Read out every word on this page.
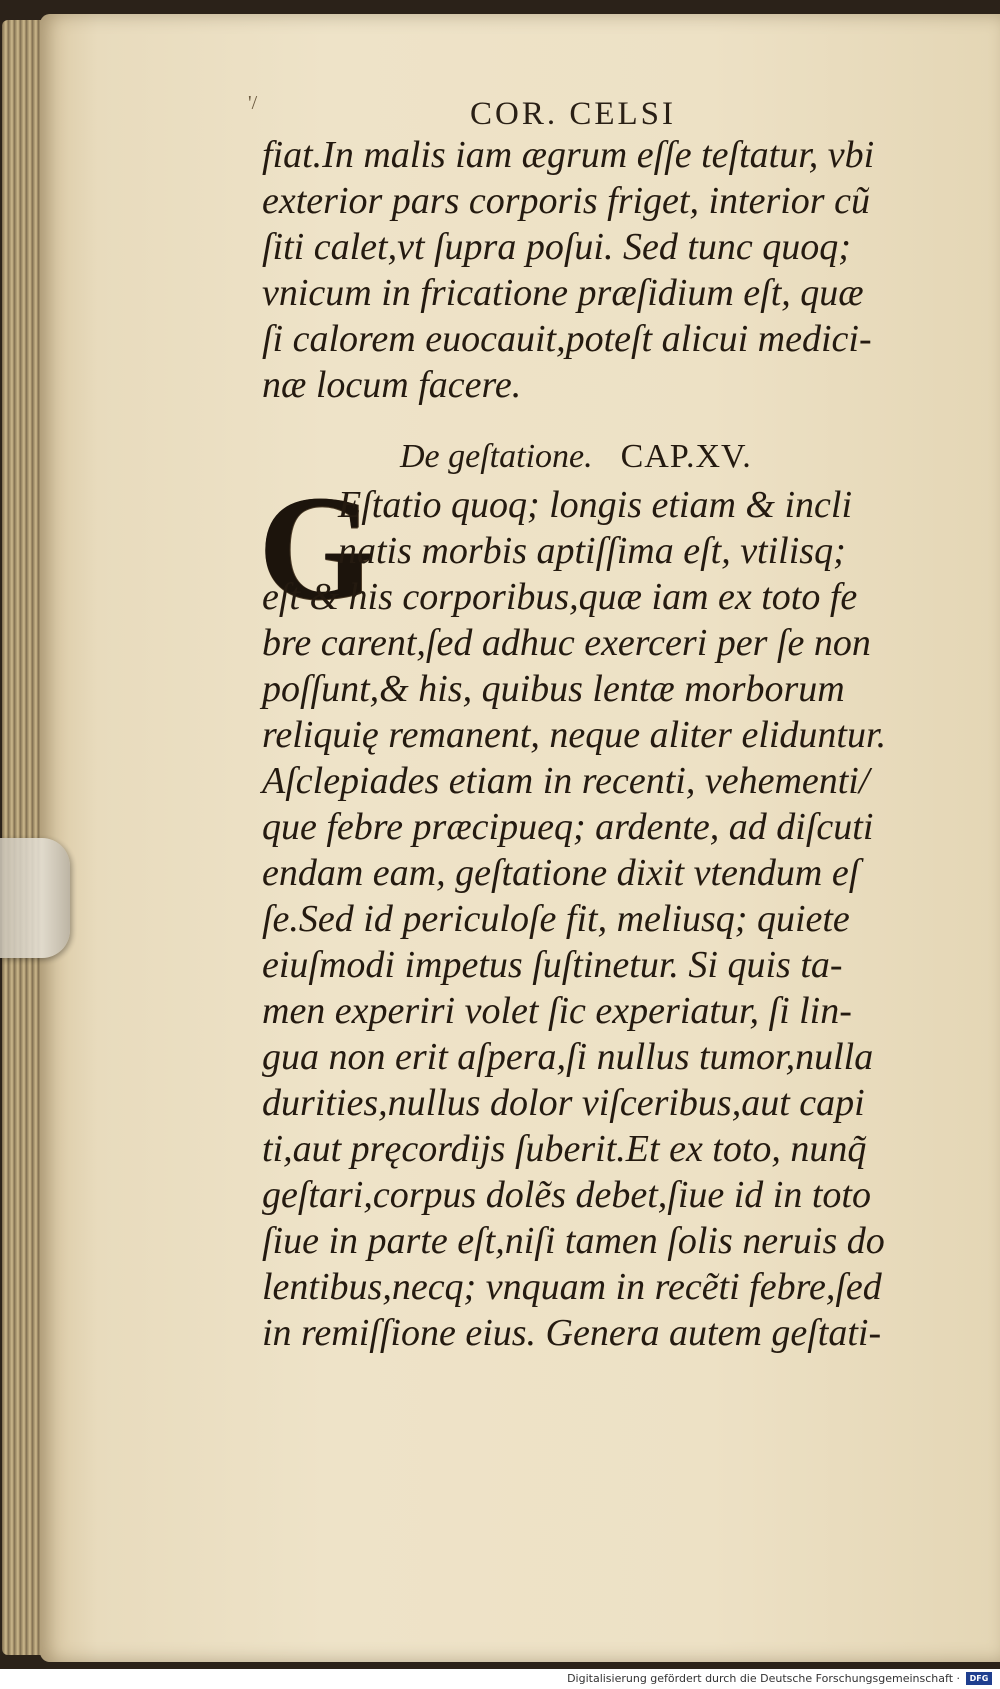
'/	COR. CELSI
fiat.In malis iam ægrum eſſe teſtatur, vbi
exterior pars corporis friget, interior cũ
ſiti calet,vt ſupra poſui. Sed tunc quoq;
vnicum in fricatione præſidium eſt, quæ
ſi calorem euocauit,poteſt alicui medici-
næ locum facere.
De geſtatione. CAP.XV.
G
Eſtatio quoq; longis etiam & incli
natis morbis aptiſſima eſt, vtilisq;
eſt & his corporibus,quæ iam ex toto fe
bre carent,ſed adhuc exerceri per ſe non
poſſunt,& his, quibus lentæ morborum
reliquię remanent, neque aliter eliduntur.
Aſclepiades etiam in recenti, vehementi/
que febre præcipueq; ardente, ad diſcuti
endam eam, geſtatione dixit vtendum eſ
ſe.Sed id periculoſe fit, meliusq; quiete
eiuſmodi impetus ſuſtinetur. Si quis ta-
men experiri volet ſic experiatur, ſi lin-
gua non erit aſpera,ſi nullus tumor,nulla
durities,nullus dolor viſceribus,aut capi
ti,aut pręcordijs ſuberit.Et ex toto, nunq̃
geſtari,corpus dolẽs debet,ſiue id in toto
ſiue in parte eſt,niſi tamen ſolis neruis do
lentibus,necq; vnquam in recẽti febre,ſed
in remiſſione eius. Genera autem geſtati-
Digitalisierung gefördert durch die Deutsche Forschungsgemeinschaft ·	DFG
